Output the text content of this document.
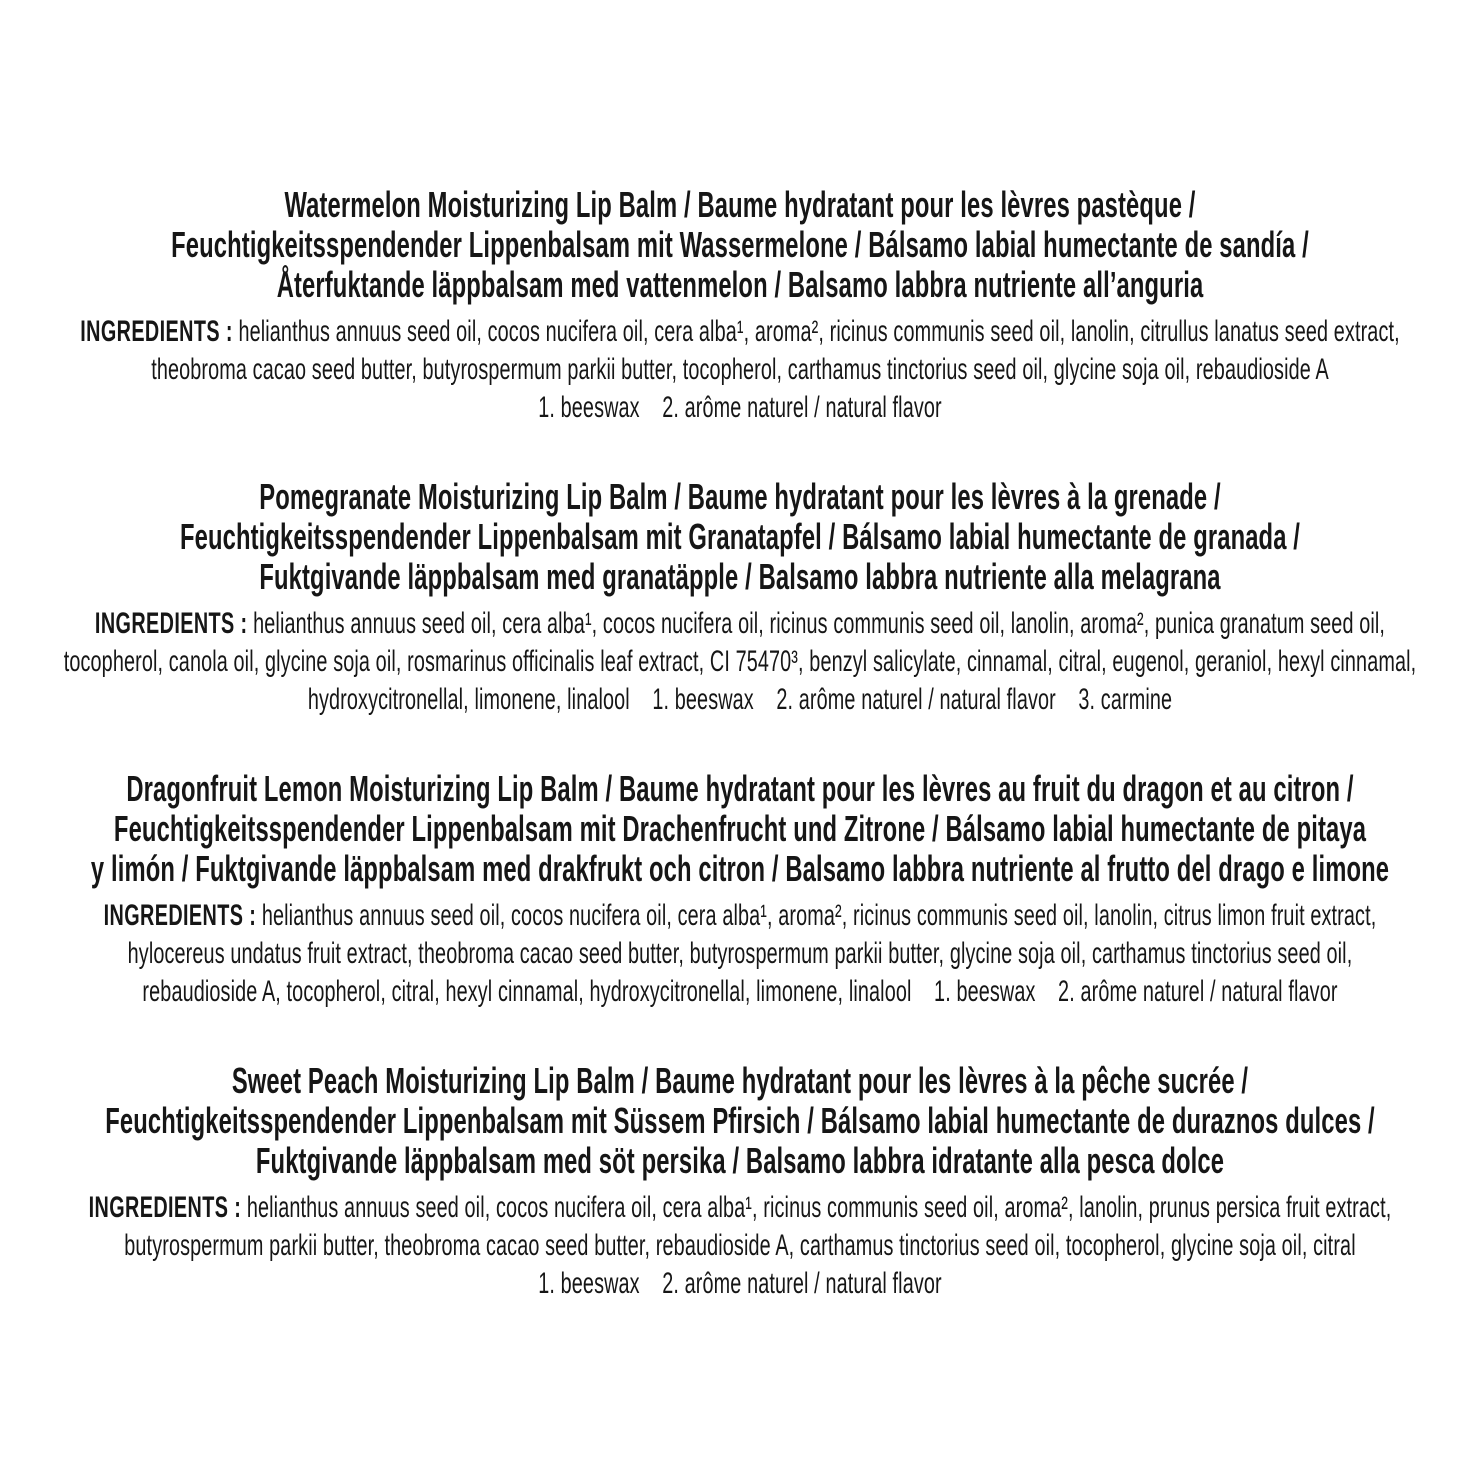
Watermelon Moisturizing Lip Balm / Baume hydratant pour les lèvres pastèque /
Feuchtigkeitsspendender Lippenbalsam mit Wassermelone / Bálsamo labial humectante de sandía /
Återfuktande läppbalsam med vattenmelon / Balsamo labbra nutriente all’anguria
INGREDIENTS : helianthus annuus seed oil, cocos nucifera oil, cera alba¹, aroma², ricinus communis seed oil, lanolin, citrullus lanatus seed extract,
theobroma cacao seed butter, butyrospermum parkii butter, tocopherol, carthamus tinctorius seed oil, glycine soja oil, rebaudioside A
1. beeswax    2. arôme naturel / natural flavor
Pomegranate Moisturizing Lip Balm / Baume hydratant pour les lèvres à la grenade /
Feuchtigkeitsspendender Lippenbalsam mit Granatapfel / Bálsamo labial humectante de granada /
Fuktgivande läppbalsam med granatäpple / Balsamo labbra nutriente alla melagrana
INGREDIENTS : helianthus annuus seed oil, cera alba¹, cocos nucifera oil, ricinus communis seed oil, lanolin, aroma², punica granatum seed oil,
tocopherol, canola oil, glycine soja oil, rosmarinus officinalis leaf extract, CI 75470³, benzyl salicylate, cinnamal, citral, eugenol, geraniol, hexyl cinnamal,
hydroxycitronellal, limonene, linalool    1. beeswax    2. arôme naturel / natural flavor    3. carmine
Dragonfruit Lemon Moisturizing Lip Balm / Baume hydratant pour les lèvres au fruit du dragon et au citron /
Feuchtigkeitsspendender Lippenbalsam mit Drachenfrucht und Zitrone / Bálsamo labial humectante de pitaya
y limón / Fuktgivande läppbalsam med drakfrukt och citron / Balsamo labbra nutriente al frutto del drago e limone
INGREDIENTS : helianthus annuus seed oil, cocos nucifera oil, cera alba¹, aroma², ricinus communis seed oil, lanolin, citrus limon fruit extract,
hylocereus undatus fruit extract, theobroma cacao seed butter, butyrospermum parkii butter, glycine soja oil, carthamus tinctorius seed oil,
rebaudioside A, tocopherol, citral, hexyl cinnamal, hydroxycitronellal, limonene, linalool    1. beeswax    2. arôme naturel / natural flavor
Sweet Peach Moisturizing Lip Balm / Baume hydratant pour les lèvres à la pêche sucrée /
Feuchtigkeitsspendender Lippenbalsam mit Süssem Pfirsich / Bálsamo labial humectante de duraznos dulces /
Fuktgivande läppbalsam med söt persika / Balsamo labbra idratante alla pesca dolce
INGREDIENTS : helianthus annuus seed oil, cocos nucifera oil, cera alba¹, ricinus communis seed oil, aroma², lanolin, prunus persica fruit extract,
butyrospermum parkii butter, theobroma cacao seed butter, rebaudioside A, carthamus tinctorius seed oil, tocopherol, glycine soja oil, citral
1. beeswax    2. arôme naturel / natural flavor
